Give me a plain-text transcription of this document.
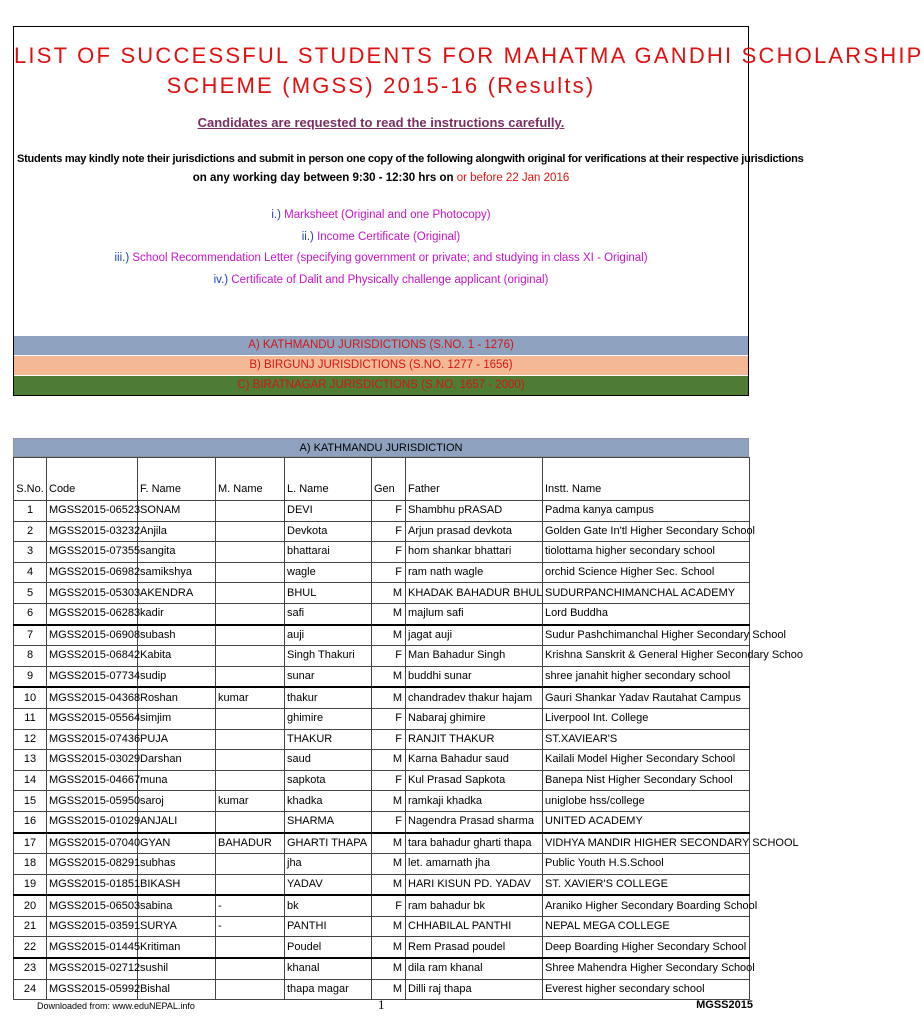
LIST OF SUCCESSFUL STUDENTS FOR MAHATMA GANDHI SCHOLARSHIP
SCHEME (MGSS) 2015-16 (Results)
Candidates are requested to read the instructions carefully.
Students may kindly note their jurisdictions and submit in person one copy of the following alongwith original for verifications at their respective jurisdictions
on any working day between 9:30 - 12:30 hrs on or before 22 Jan 2016
i.) Marksheet (Original and one Photocopy)
ii.) Income Certificate (Original)
iii.) School Recommendation Letter (specifying government or private; and studying in class XI - Original)
iv.) Certificate of Dalit and Physically challenge applicant (original)
A) KATHMANDU JURISDICTIONS (S.NO. 1 - 1276)
B) BIRGUNJ JURISDICTIONS (S.NO. 1277 - 1656)
C) BIRATNAGAR JURISDICTIONS (S.NO. 1657 - 2000)
A) KATHMANDU JURISDICTION
S.No.	Code	F. Name	M. Name	L. Name	Gen	Father	Instt. Name
1	MGSS2015-06523	SONAM		DEVI	F	Shambhu pRASAD	Padma kanya campus
2	MGSS2015-03232	Anjila		Devkota	F	Arjun prasad devkota	Golden Gate In'tl Higher Secondary School
3	MGSS2015-07355	sangita		bhattarai	F	hom shankar bhattari	tiolottama higher secondary school
4	MGSS2015-06982	samikshya		wagle	F	ram nath wagle	orchid Science Higher Sec. School
5	MGSS2015-05303	AKENDRA		BHUL	M	KHADAK BAHADUR BHUL	SUDURPANCHIMANCHAL ACADEMY
6	MGSS2015-06283	kadir		safi	M	majlum safi	Lord Buddha
7	MGSS2015-06908	subash		auji	M	jagat auji	Sudur Pashchimanchal Higher Secondary School
8	MGSS2015-06842	Kabita		Singh Thakuri	F	Man Bahadur Singh	Krishna Sanskrit & General Higher Secondary Schoo
9	MGSS2015-07734	sudip		sunar	M	buddhi sunar	shree janahit higher secondary school
10	MGSS2015-04368	Roshan	kumar	thakur	M	chandradev thakur hajam	Gauri Shankar Yadav Rautahat Campus
11	MGSS2015-05564	simjim		ghimire	F	Nabaraj ghimire	Liverpool Int. College
12	MGSS2015-07436	PUJA		THAKUR	F	RANJIT THAKUR	ST.XAVIEAR'S
13	MGSS2015-03029	Darshan		saud	M	Karna Bahadur saud	Kailali Model Higher Secondary School
14	MGSS2015-04667	muna		sapkota	F	Kul Prasad Sapkota	Banepa Nist Higher Secondary School
15	MGSS2015-05950	saroj	kumar	khadka	M	ramkaji khadka	uniglobe hss/college
16	MGSS2015-01029	ANJALI		SHARMA	F	Nagendra Prasad sharma	UNITED ACADEMY
17	MGSS2015-07040	GYAN	BAHADUR	GHARTI THAPA	M	tara bahadur gharti thapa	VIDHYA MANDIR HIGHER SECONDARY SCHOOL
18	MGSS2015-08291	subhas		jha	M	let. amarnath jha	Public Youth H.S.School
19	MGSS2015-01851	BIKASH		YADAV	M	HARI KISUN PD. YADAV	ST. XAVIER'S COLLEGE
20	MGSS2015-06503	sabina	-	bk	F	ram bahadur bk	Araniko Higher Secondary Boarding School
21	MGSS2015-03591	SURYA	-	PANTHI	M	CHHABILAL PANTHI	NEPAL MEGA COLLEGE
22	MGSS2015-01445	Kritiman		Poudel	M	Rem Prasad poudel	Deep Boarding Higher Secondary School
23	MGSS2015-02712	sushil		khanal	M	dila ram khanal	Shree Mahendra Higher Secondary School
24	MGSS2015-05992	Bishal		thapa magar	M	Dilli raj thapa	Everest higher secondary school
Downloaded from: www.eduNEPAL.info	1	MGSS2015
